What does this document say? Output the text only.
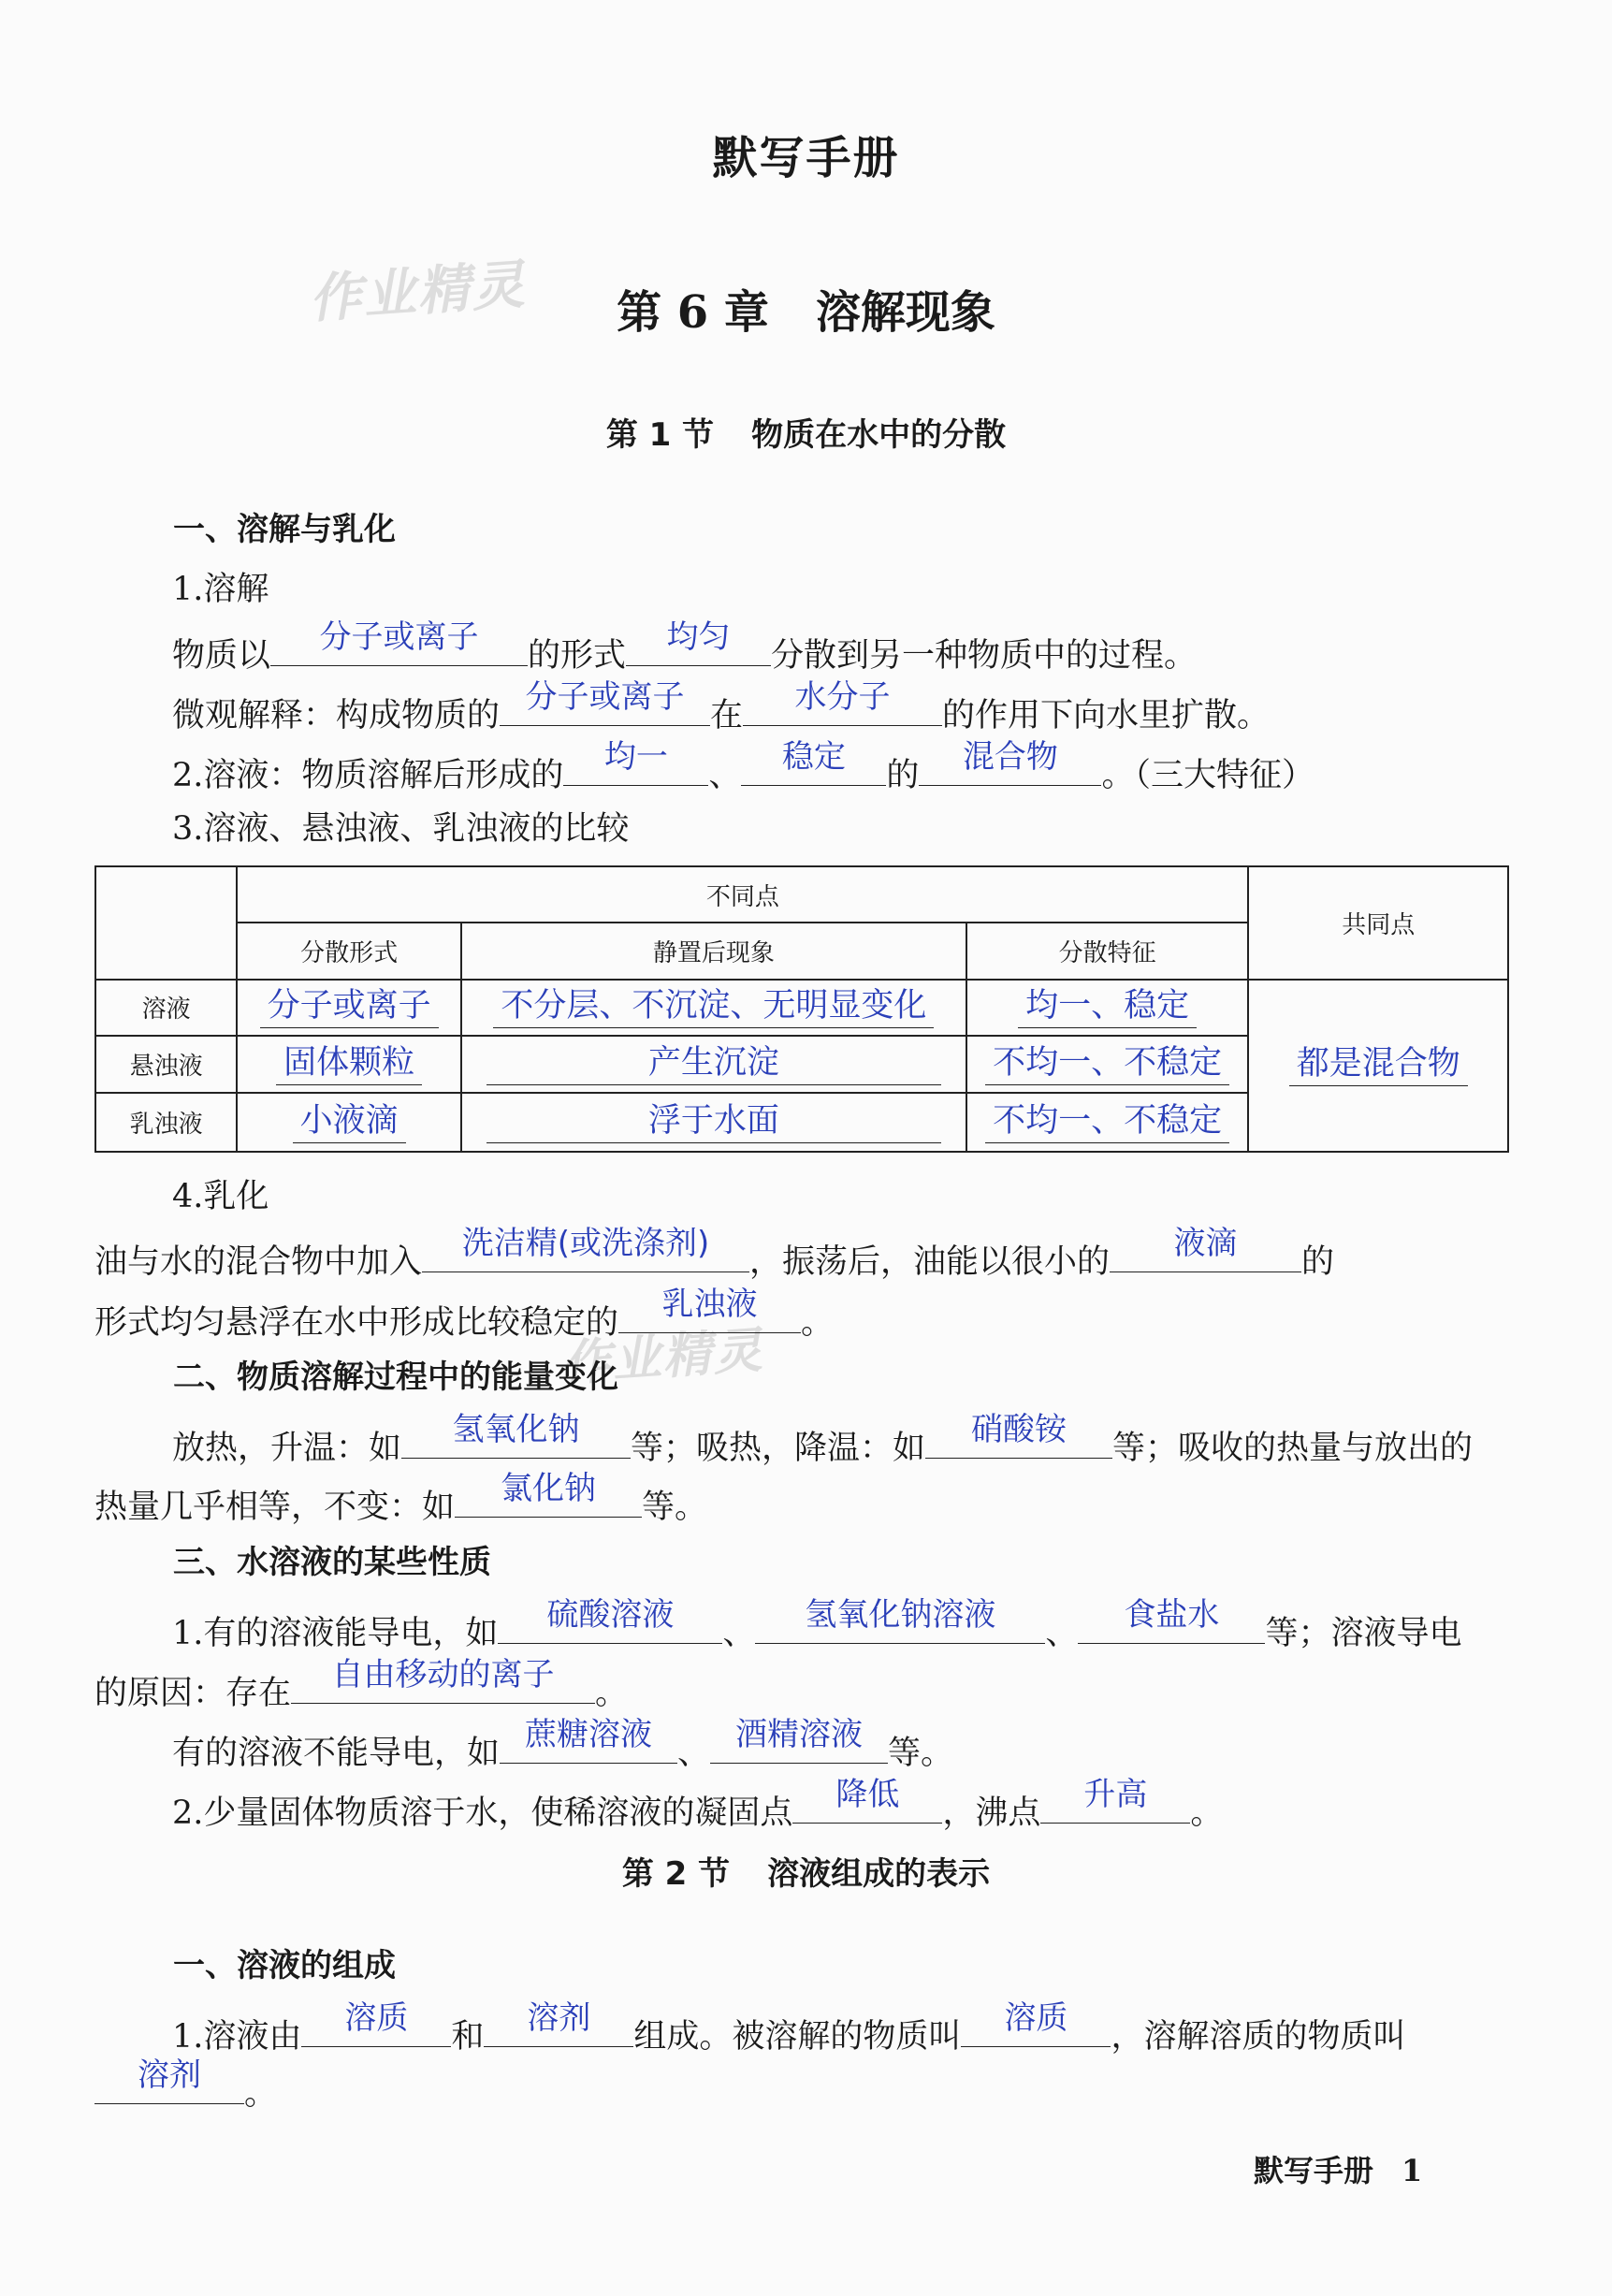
默写手册
作业精灵
作业精灵
第 6 章 溶解现象
第 1 节 物质在水中的分散
一、溶解与乳化
1.溶解
物质以	分子或离子	的形式	均匀	分散到另一种物质中的过程。
微观解释：构成物质的 分子或离子 在	水分子	的作用下向水里扩散。
2.溶液：物质溶解后形成的	均一	、	稳定	的	混合物	。（三大特征）
3.溶液、悬浊液、乳浊液的比较
	不同点			共同点
	分散形式	静置后现象	分散特征	
溶液	分子或离子	不分层、不沉淀、无明显变化	均一、稳定	都是混合物
悬浊液	固体颗粒	产生沉淀	不均一、不稳定	
乳浊液	小液滴	浮于水面	不均一、不稳定	
4.乳化
油与水的混合物中加入	洗洁精(或洗涤剂)	，振荡后，油能以很小的	液滴	的
形式均匀悬浮在水中形成比较稳定的	乳浊液	。
二、物质溶解过程中的能量变化
放热，升温：如	氢氧化钠	等；吸热，降温：如	硝酸铵	等；吸收的热量与放出的
热量几乎相等，不变：如	氯化钠	等。
三、水溶液的某些性质
1.有的溶液能导电，如	硫酸溶液	、	氢氧化钠溶液	、	食盐水	等；溶液导电
的原因：存在	自由移动的离子	。
有的溶液不能导电，如 蔗糖溶液 、 酒精溶液 等。
2.少量固体物质溶于水，使稀溶液的凝固点	降低	，沸点	升高	。
第 2 节 溶液组成的表示
一、溶液的组成
1.溶液由	溶质	和	溶剂	组成。被溶解的物质叫	溶质	，溶解溶质的物质叫
溶剂	。
默写手册 1
